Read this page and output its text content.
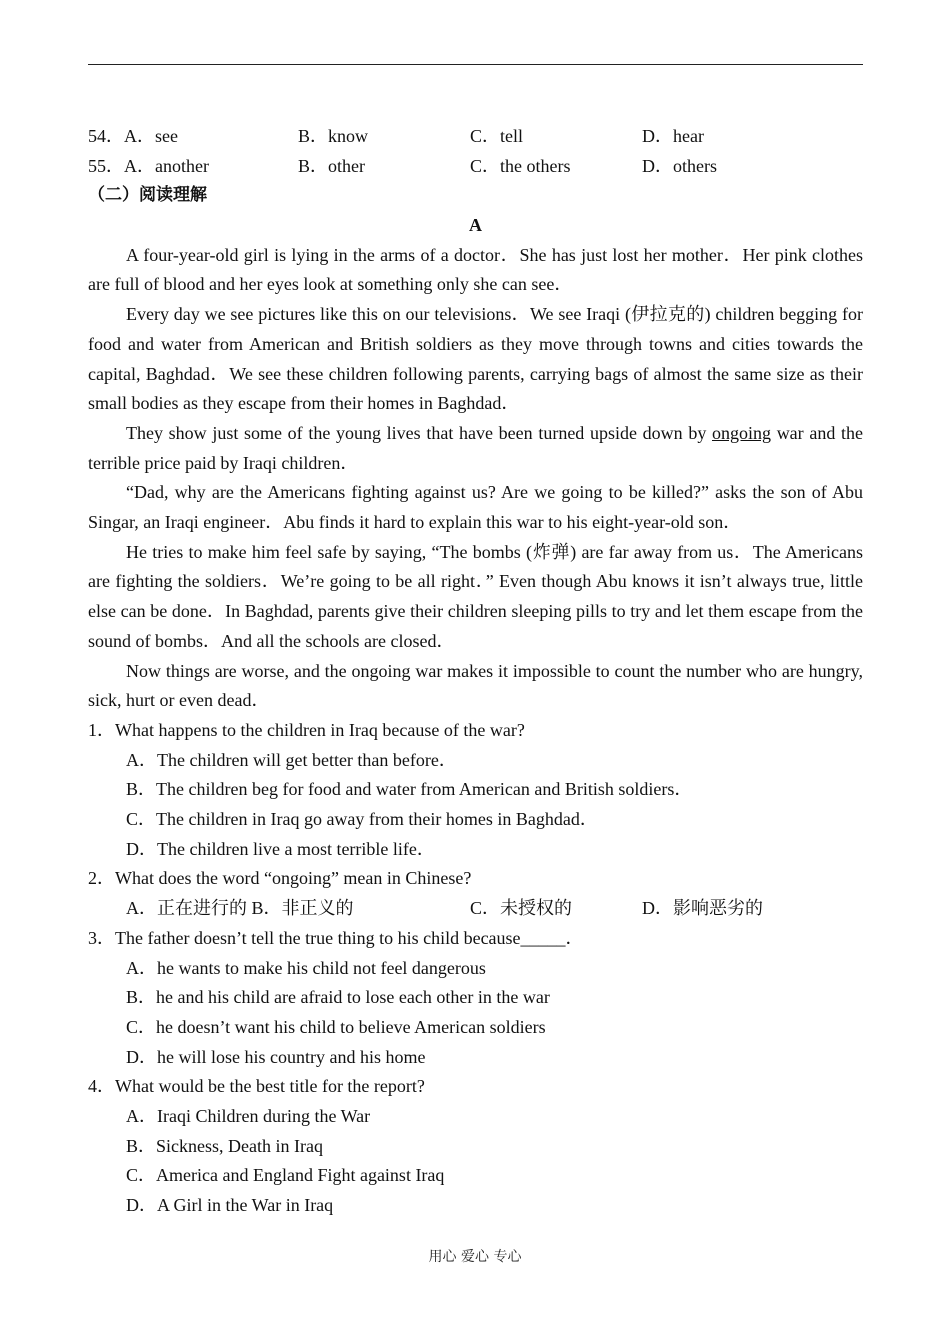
54．A．see	B．know	C．tell	D．hear
55．A．another	B．other	C．the others	D．others
（二）阅读理解
A

A four-year-old girl is lying in the arms of a doctor．She has just lost her mother．Her pink clothes are full of blood and her eyes look at something only she can see．

Every day we see pictures like this on our televisions．We see Iraqi (伊拉克的) children begging for food and water from American and British soldiers as they move through towns and cities towards the capital, Baghdad．We see these children following parents, carrying bags of almost the same size as their small bodies as they escape from their homes in Baghdad．

They show just some of the young lives that have been turned upside down by ongoing war and the terrible price paid by Iraqi children．

“Dad, why are the Americans fighting against us? Are we going to be killed?” asks the son of Abu Singar, an Iraqi engineer．Abu finds it hard to explain this war to his eight-year-old son．

He tries to make him feel safe by saying, “The bombs (炸弹) are far away from us．The Americans are fighting the soldiers．We’re going to be all right．” Even though Abu knows it isn’t always true, little else can be done．In Baghdad, parents give their children sleeping pills to try and let them escape from the sound of bombs．And all the schools are closed．

Now things are worse, and the ongoing war makes it impossible to count the number who are hungry, sick, hurt or even dead．

1．What happens to the children in Iraq because of the war?
A．The children will get better than before．
B．The children beg for food and water from American and British soldiers．
C．The children in Iraq go away from their homes in Baghdad．
D．The children live a most terrible life．
2．What does the word “ongoing” mean in Chinese?
A．正在进行的 B．非正义的	C．未授权的	D．影响恶劣的
3．The father doesn’t tell the true thing to his child because_____．
A．he wants to make his child not feel dangerous
B．he and his child are afraid to lose each other in the war
C．he doesn’t want his child to believe American soldiers
D．he will lose his country and his home
4．What would be the best title for the report?
A．Iraqi Children during the War
B．Sickness, Death in Iraq
C．America and England Fight against Iraq
D．A Girl in the War in Iraq
用心 爱心 专心
